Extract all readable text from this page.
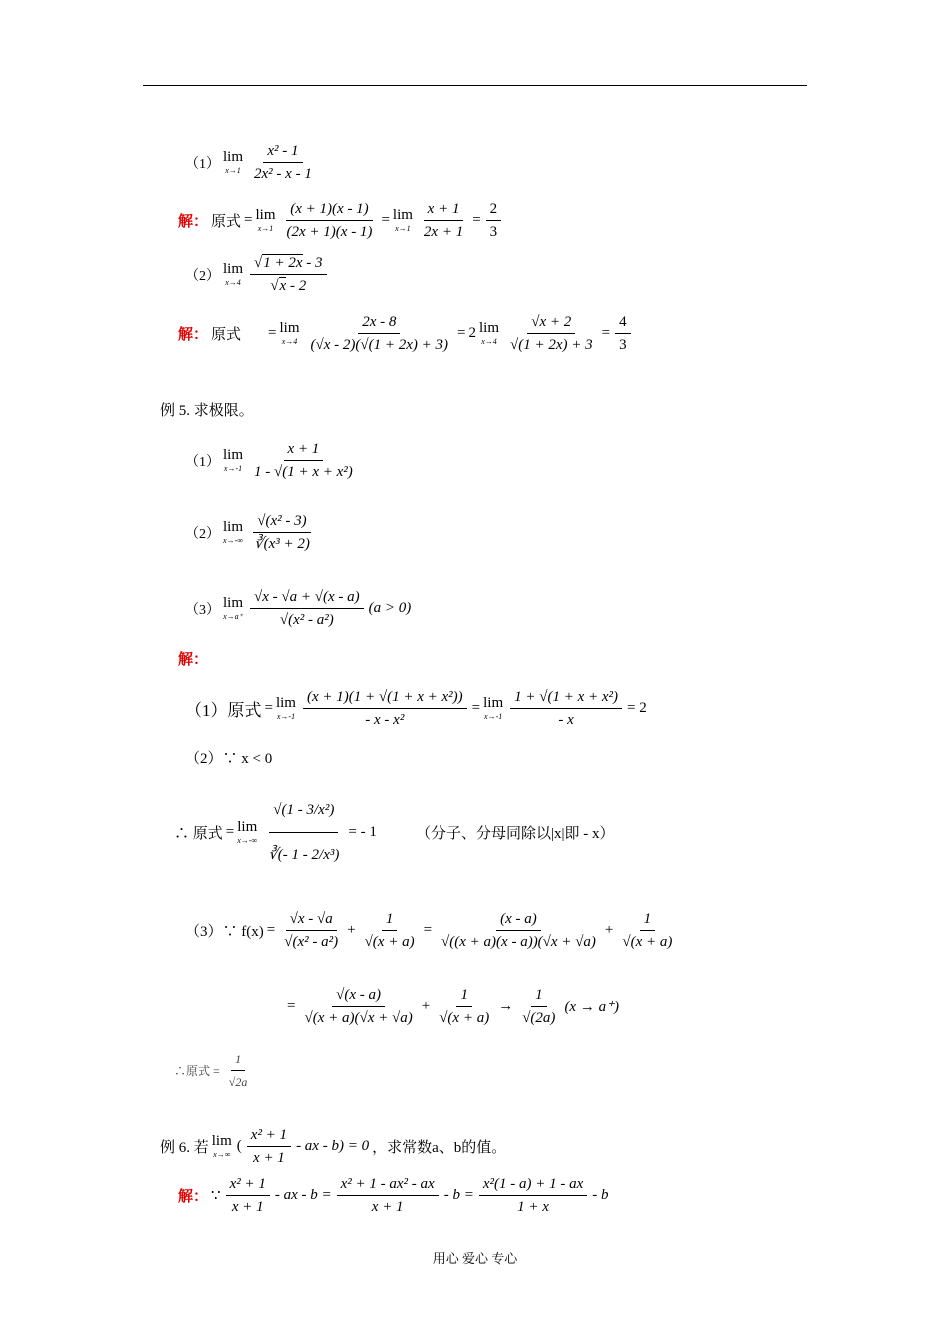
（1） lim
$x\to 1 \frac{\text{x² - 1}}{\text{2x² - x - 1}}$
解： 原式 = lim
$x\to 1 \frac{(x + 1)(x - 1)}{(2x + 1)(x - 1)} = \lim$
$x\to 1 \frac{x + 1}{2x + 1} = \frac{2}{3}$
（2） lim
$x\to 4 \frac{√1 + 2x - 3}{√x - 2}$
解： 原式 = lim
$x\to 4 \frac{2x - 8}{(√x - 2)(√(1 + 2x) + 3)} = 2$ lim
$x\to 4 \frac{√x + 2}{√(1 + 2x) + 3} = \frac{4}{3}$
例 5. 求极限。
（1） lim
$x\to-1 \frac{x + 1}{\text{1 - √(1 + x + x²)}}$
（2） lim
$x\to-\infty \frac{\text{√(x² - 3)}}{\text{∛(x³ + 2)}}$
（3） lim
$x\to a^+ \frac{√x - √a + √(x - a)}{\text{√(x² - a²)}} (a > 0)$
解：
（1）原式 = lim
$x\to-1 \frac{\text{(x + 1)(1 + √(1 + x + x²))}}{\text{- x - x²}} = \lim$
$x\to-1 \frac{\text{1 + √(1 + x + x²)}}{- x} = 2$
（2）∵ x < 0
∴ 原式 = lim
$x\to-\infty \frac{\text{√(1 - 3/x²)}}{\text{∛(- 1 - 2/x³)}}$ = - 1	（分子、分母同除以|x|即 - x）
（3）∵ $f(x) = \frac{√x - √a}{\text{√(x² - a²)}} + \frac{1}{√(x + a)} = \frac{(x - a)}{√((x + a)(x - a))(√x + √a)} + \frac{1}{√(x + a)}$
= $\frac{√(x - a)}{√(x + a)(√x + √a)} + \frac{1}{√(x + a)} \to \frac{1}{√(2a)} (x \to a^+)$
∴原式 = $\frac{1}{√2a}$
例 6. 若 lim
x→∞
( $\frac{\text{x² + 1}}{x + 1}$ - ax - b) = 0 ，求常数a、b的值。
解： ∵ $\frac{\text{x² + 1}}{x + 1}$ - ax - $b = \frac{\text{x² + 1 - ax² - ax}}{x + 1} - b = \frac{\text{x²(1 - a) + 1 - ax}}{1 + x} - b$
用心 爱心 专心
